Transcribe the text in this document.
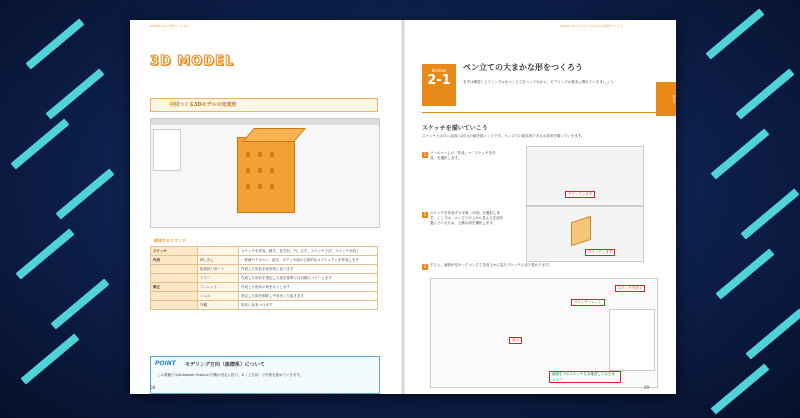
Section 0-1 今回つくるもの
3D MODEL
今回つくる3Dモデルの完成形
使用するコマンド
スケッチ		スケッチを作成。線分、長方形、円、文字、スケッチ寸法、スケッチを終了
作成	押し出し	一度線やテキスト、続き、ボディや面の立体的なオブジェクトを作成します
	矩形状パターン	作成した形状を矩形状に並べます
	ミラー	作成した形状を指定した面を基準に反対側にコピーします
修正	フィレット	作成した形状の角を丸くします
	シェル	指定した面を削除し中身をくり抜きます
	外観	形状に色をつけます
POINT モデリング方向（座標系）について
この書籍ではAutodesk Fusionの初期の設定に従い、Z（上方向）で作業を進めていきます。
08
Section 2-1 ペン立ての大まかな形をつくろう
Section
2-1
ペン立ての大まかな形をつくろう
まずは練習としてシンプルなペン立てをつくりながら、モデリングの基本に慣れていきましょう。
スケッチを描いていこう
スケッチとは平らな面に2次元の線を描くことです。ペン立ての基本形であるお馬形を描いていきます。
1	ツールバー上の「作成」→「スケッチを作成」を選択します。
クリックします
2	スケッチを作成する平面（平面）を選択します。ここでは、ペン立てが上から見える正面を選んでいるため、上側の面を選択します。
クリックします
3	すると、画面が変わってペン立てを真上から見たスケッチに切り替わります。
スケッチパレット
スケッチを終了
原点
画面右下のスケッチ名を確認しておきましょう。
09
第2章
